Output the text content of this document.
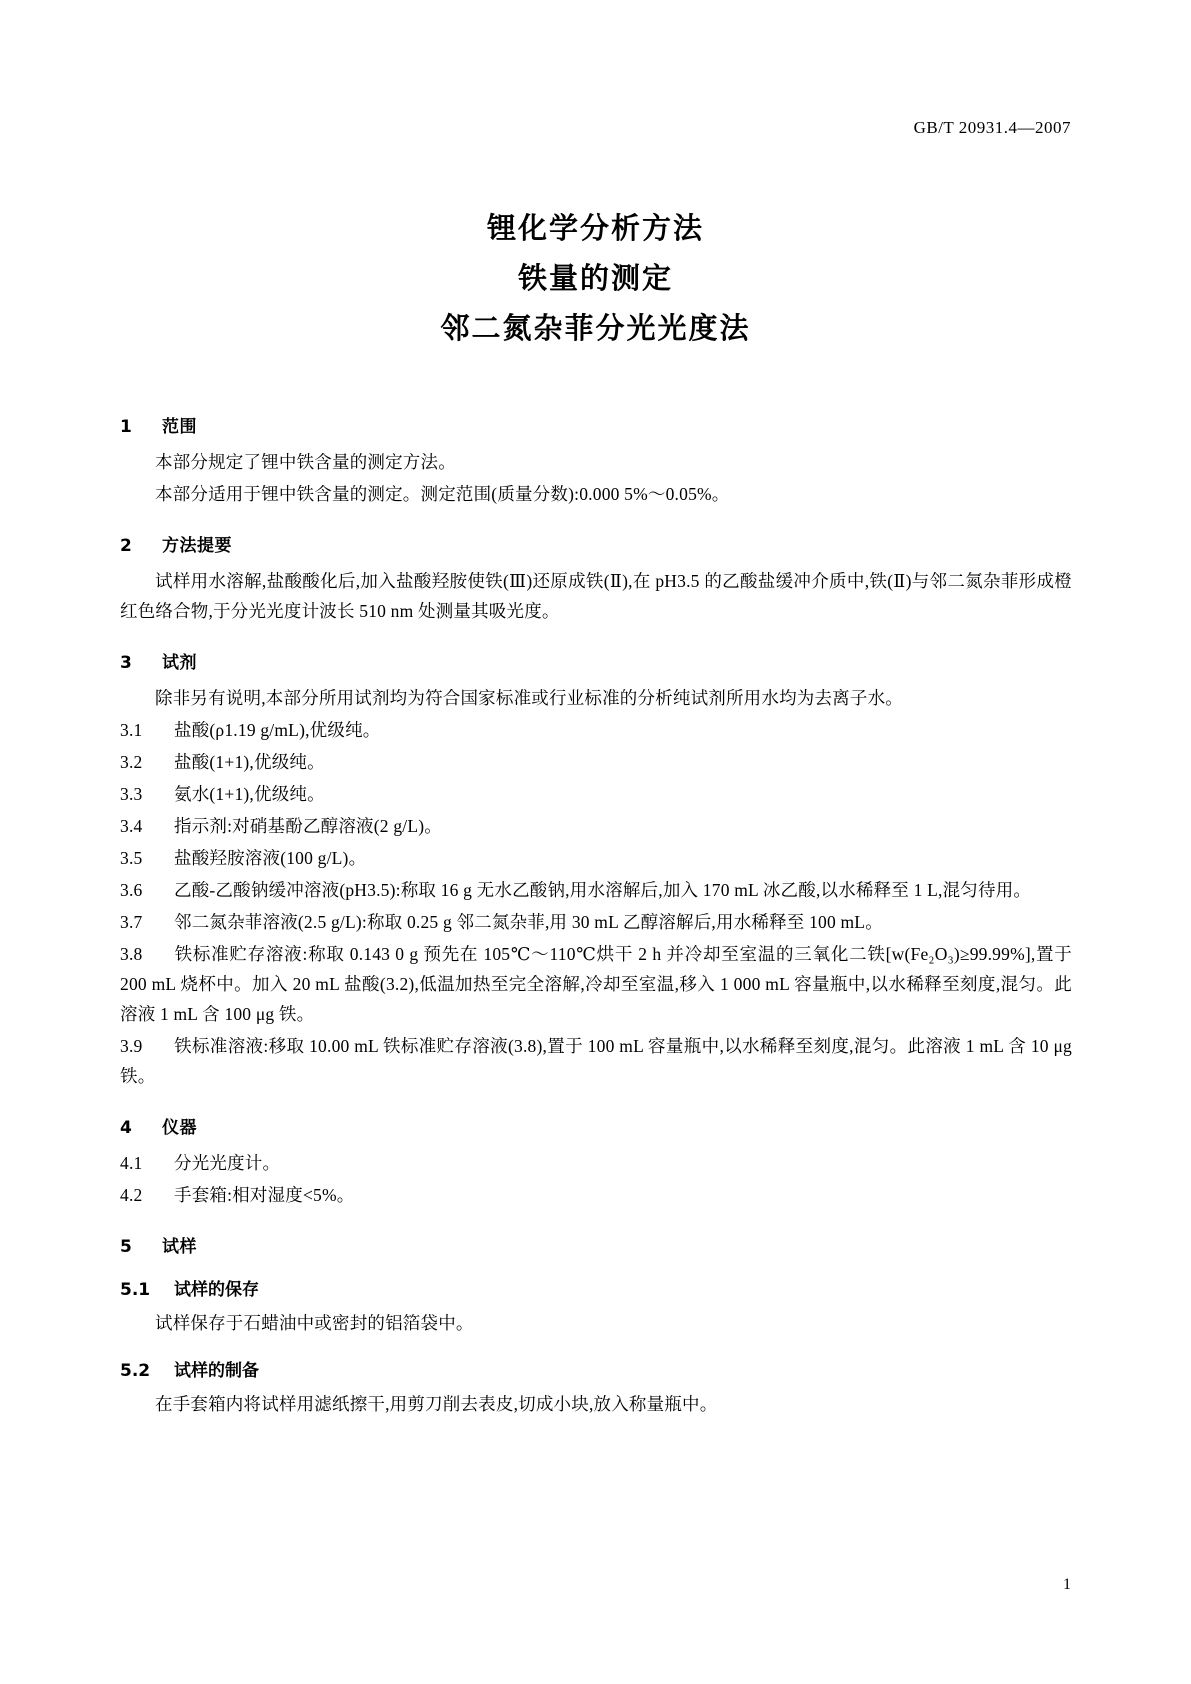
GB/T 20931.4—2007
锂化学分析方法
铁量的测定
邻二氮杂菲分光光度法
1 范围

本部分规定了锂中铁含量的测定方法。

本部分适用于锂中铁含量的测定。测定范围(质量分数):0.000 5%～0.05%。

2 方法提要

试样用水溶解,盐酸酸化后,加入盐酸羟胺使铁(Ⅲ)还原成铁(Ⅱ),在 pH3.5 的乙酸盐缓冲介质中,铁(Ⅱ)与邻二氮杂菲形成橙红色络合物,于分光光度计波长 510 nm 处测量其吸光度。

3 试剂

除非另有说明,本部分所用试剂均为符合国家标准或行业标准的分析纯试剂所用水均为去离子水。

3.1 盐酸(ρ1.19 g/mL),优级纯。

3.2 盐酸(1+1),优级纯。

3.3 氨水(1+1),优级纯。

3.4 指示剂:对硝基酚乙醇溶液(2 g/L)。

3.5 盐酸羟胺溶液(100 g/L)。

3.6 乙酸-乙酸钠缓冲溶液(pH3.5):称取 16 g 无水乙酸钠,用水溶解后,加入 170 mL 冰乙酸,以水稀释至 1 L,混匀待用。

3.7 邻二氮杂菲溶液(2.5 g/L):称取 0.25 g 邻二氮杂菲,用 30 mL 乙醇溶解后,用水稀释至 100 mL。

3.8 铁标准贮存溶液:称取 0.143 0 g 预先在 105℃～110℃烘干 2 h 并冷却至室温的三氧化二铁[w(Fe₂O₃)≥99.99%],置于 200 mL 烧杯中。加入 20 mL 盐酸(3.2),低温加热至完全溶解,冷却至室温,移入 1 000 mL 容量瓶中,以水稀释至刻度,混匀。此溶液 1 mL 含 100 μg 铁。

3.9 铁标准溶液:移取 10.00 mL 铁标准贮存溶液(3.8),置于 100 mL 容量瓶中,以水稀释至刻度,混匀。此溶液 1 mL 含 10 μg 铁。

4 仪器

4.1 分光光度计。

4.2 手套箱:相对湿度<5%。

5 试样
5.1 试样的保存

试样保存于石蜡油中或密封的铝箔袋中。

5.2 试样的制备

在手套箱内将试样用滤纸擦干,用剪刀削去表皮,切成小块,放入称量瓶中。

1
